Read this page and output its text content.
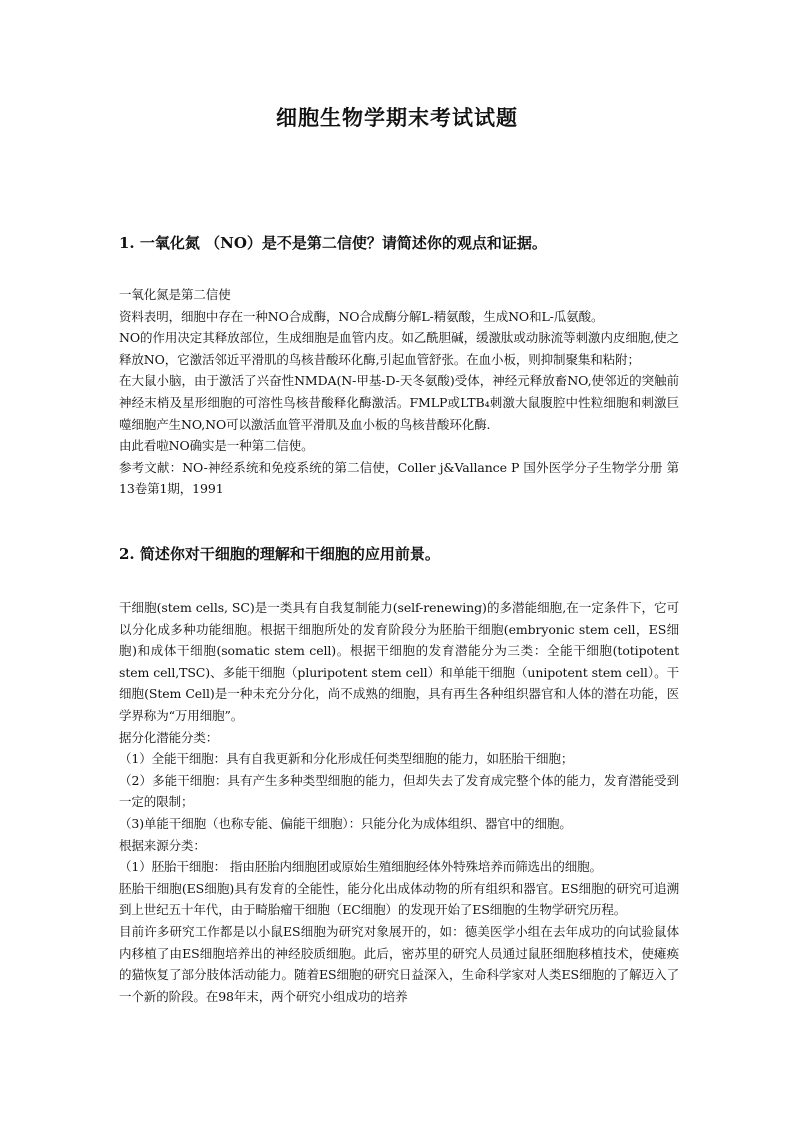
细胞生物学期末考试试题
1. 一氧化氮 （NO）是不是第二信使？请简述你的观点和证据。

一氧化氮是第二信使

资料表明，细胞中存在一种NO合成酶，NO合成酶分解L-精氨酸，生成NO和L-瓜氨酸。

NO的作用决定其释放部位，生成细胞是血管内皮。如乙酰胆碱，缓激肽或动脉流等刺激内皮细胞,使之释放NO，它激活邻近平滑肌的鸟核昔酸环化酶,引起血管舒张。在血小板，则抑制聚集和粘附；

在大鼠小脑，由于激活了兴奋性NMDA(N-甲基-D-天冬氨酸)受体，神经元释放畜NO,使邻近的突触前神经末梢及星形细胞的可溶性鸟核昔酸释化酶激活。FMLP或LTB₄刺激大鼠腹腔中性粒细胞和刺激巨噬细胞产生NO,NO可以激活血管平滑肌及血小板的鸟核昔酸环化酶.

由此看啦NO确实是一种第二信使。

参考文献：NO-神经系统和免疫系统的第二信使，Coller j&Vallance P 国外医学分子生物学分册 第13卷第1期，1991

2. 简述你对干细胞的理解和干细胞的应用前景。

干细胞(stem cells, SC)是一类具有自我复制能力(self-renewing)的多潜能细胞,在一定条件下，它可以分化成多种功能细胞。根据干细胞所处的发育阶段分为胚胎干细胞(embryonic stem cell，ES细胞)和成体干细胞(somatic stem cell)。根据干细胞的发育潜能分为三类：全能干细胞(totipotent stem cell,TSC)、多能干细胞（pluripotent stem cell）和单能干细胞（unipotent stem cell）。干细胞(Stem Cell)是一种未充分分化，尚不成熟的细胞，具有再生各种组织器官和人体的潜在功能，医学界称为“万用细胞”。

据分化潜能分类：

（1）全能干细胞：具有自我更新和分化形成任何类型细胞的能力，如胚胎干细胞；

（2）多能干细胞：具有产生多种类型细胞的能力，但却失去了发育成完整个体的能力，发育潜能受到 一定的限制；

（3)单能干细胞（也称专能、偏能干细胞）：只能分化为成体组织、器官中的细胞。

根据来源分类：

（1）胚胎干细胞： 指由胚胎内细胞团或原始生殖细胞经体外特殊培养而筛选出的细胞。

胚胎干细胞(ES细胞)具有发育的全能性，能分化出成体动物的所有组织和器官。ES细胞的研究可追溯到上世纪五十年代，由于畸胎瘤干细胞（EC细胞）的发现开始了ES细胞的生物学研究历程。

目前许多研究工作都是以小鼠ES细胞为研究对象展开的，如：德美医学小组在去年成功的向试验鼠体内移植了由ES细胞培养出的神经胶质细胞。此后，密苏里的研究人员通过鼠胚细胞移植技术，使瘫痪的猫恢复了部分肢体活动能力。随着ES细胞的研究日益深入，生命科学家对人类ES细胞的了解迈入了一个新的阶段。在98年末，两个研究小组成功的培养
